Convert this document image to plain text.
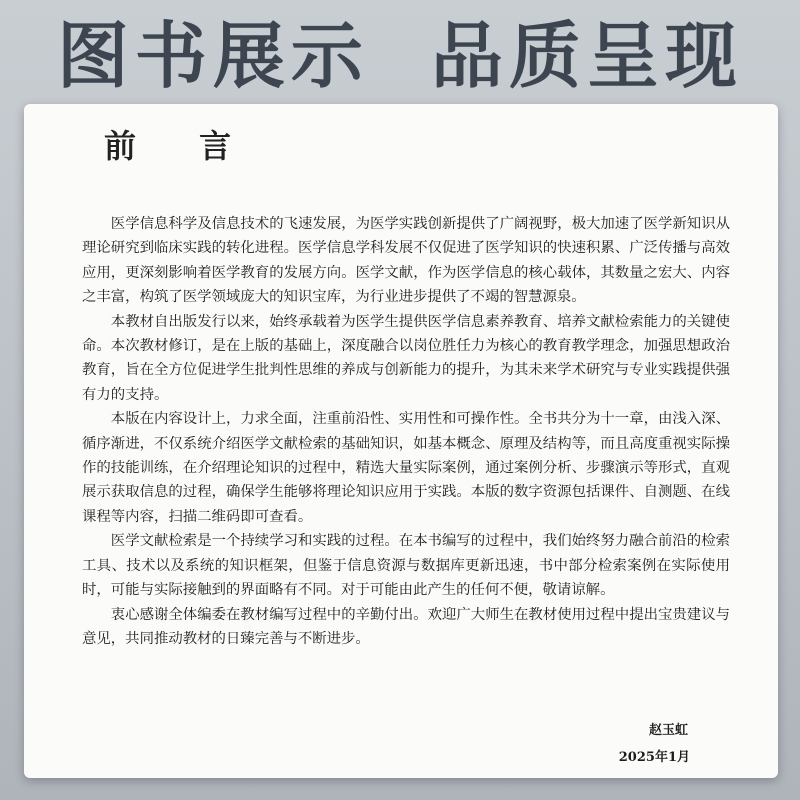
图书展示  品质呈现
前 言

医学信息科学及信息技术的飞速发展，为医学实践创新提供了广阔视野，极大加速了医学新知识从理论研究到临床实践的转化进程。医学信息学科发展不仅促进了医学知识的快速积累、广泛传播与高效应用，更深刻影响着医学教育的发展方向。医学文献，作为医学信息的核心载体，其数量之宏大、内容之丰富，构筑了医学领域庞大的知识宝库，为行业进步提供了不竭的智慧源泉。

本教材自出版发行以来，始终承载着为医学生提供医学信息素养教育、培养文献检索能力的关键使命。本次教材修订，是在上版的基础上，深度融合以岗位胜任力为核心的教育教学理念，加强思想政治教育，旨在全方位促进学生批判性思维的养成与创新能力的提升，为其未来学术研究与专业实践提供强有力的支持。

本版在内容设计上，力求全面，注重前沿性、实用性和可操作性。全书共分为十一章，由浅入深、循序渐进，不仅系统介绍医学文献检索的基础知识，如基本概念、原理及结构等，而且高度重视实际操作的技能训练，在介绍理论知识的过程中，精选大量实际案例，通过案例分析、步骤演示等形式，直观展示获取信息的过程，确保学生能够将理论知识应用于实践。本版的数字资源包括课件、自测题、在线课程等内容，扫描二维码即可查看。

医学文献检索是一个持续学习和实践的过程。在本书编写的过程中，我们始终努力融合前沿的检索工具、技术以及系统的知识框架，但鉴于信息资源与数据库更新迅速，书中部分检索案例在实际使用时，可能与实际接触到的界面略有不同。对于可能由此产生的任何不便，敬请谅解。

衷心感谢全体编委在教材编写过程中的辛勤付出。欢迎广大师生在教材使用过程中提出宝贵建议与意见，共同推动教材的日臻完善与不断进步。

赵玉虹
2025年1月
